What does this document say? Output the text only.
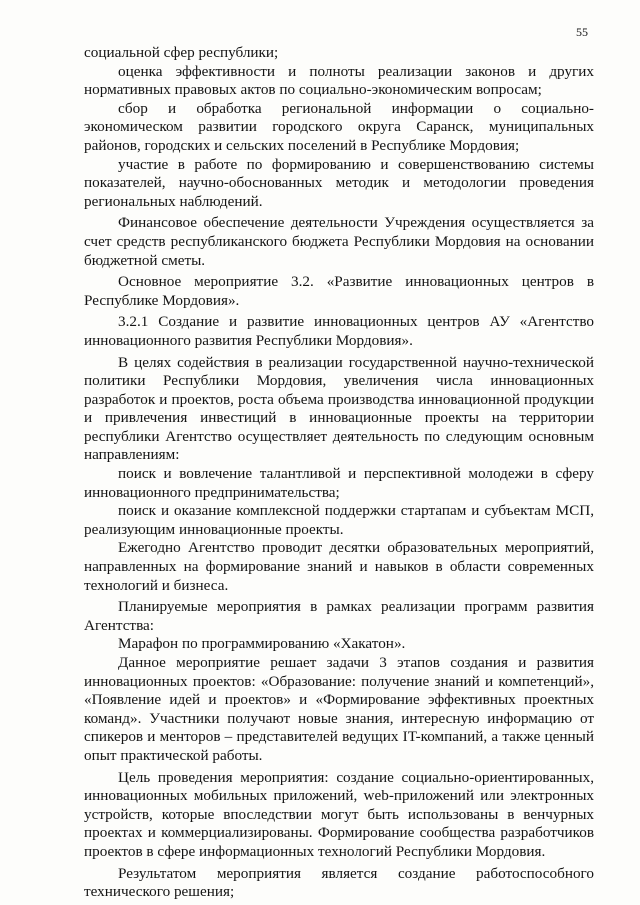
55

социальной сфер республики;

оценка эффективности и полноты реализации законов и других нормативных правовых актов по социально-экономическим вопросам;

сбор и обработка региональной информации о социально-экономическом развитии городского округа Саранск, муниципальных районов, городских и сельских поселений в Республике Мордовия;

участие в работе по формированию и совершенствованию системы показателей, научно-обоснованных методик и методологии проведения региональных наблюдений.

Финансовое обеспечение деятельности Учреждения осуществляется за счет средств республиканского бюджета Республики Мордовия на основании бюджетной сметы.

Основное мероприятие 3.2. «Развитие инновационных центров в Республике Мордовия».

3.2.1 Создание и развитие инновационных центров АУ «Агентство инновационного развития Республики Мордовия».

В целях содействия в реализации государственной научно-технической политики Республики Мордовия, увеличения числа инновационных разработок и проектов, роста объема производства инновационной продукции и привлечения инвестиций в инновационные проекты на территории республики Агентство осуществляет деятельность по следующим основным направлениям:

поиск и вовлечение талантливой и перспективной молодежи в сферу инновационного предпринимательства;

поиск и оказание комплексной поддержки стартапам и субъектам МСП, реализующим инновационные проекты.

Ежегодно Агентство проводит десятки образовательных мероприятий, направленных на формирование знаний и навыков в области современных технологий и бизнеса.

Планируемые мероприятия в рамках реализации программ развития Агентства:

Марафон по программированию «Хакатон».

Данное мероприятие решает задачи 3 этапов создания и развития инновационных проектов: «Образование: получение знаний и компетенций», «Появление идей и проектов» и «Формирование эффективных проектных команд». Участники получают новые знания, интересную информацию от спикеров и менторов – представителей ведущих IT-компаний, а также ценный опыт практической работы.

Цель проведения мероприятия: создание социально-ориентированных, инновационных мобильных приложений, web-приложений или электронных устройств, которые впоследствии могут быть использованы в венчурных проектах и коммерциализированы. Формирование сообщества разработчиков проектов в сфере информационных технологий Республики Мордовия.

Результатом мероприятия является создание работоспособного технического решения;
